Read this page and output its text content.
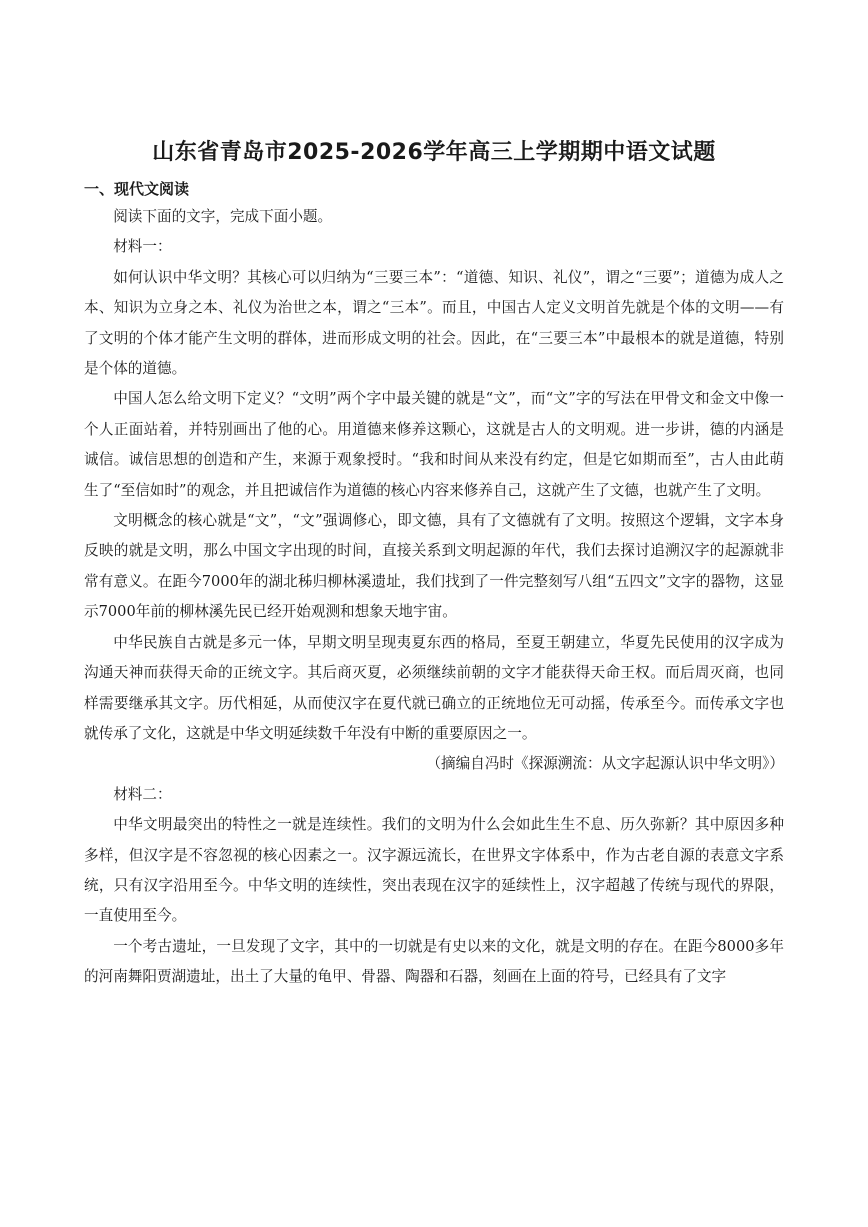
山东省青岛市2025-2026学年高三上学期期中语文试题
一、现代文阅读

阅读下面的文字，完成下面小题。

材料一：

如何认识中华文明？其核心可以归纳为“三要三本”：“道德、知识、礼仪”，谓之“三要”；道德为成人之本、知识为立身之本、礼仪为治世之本，谓之“三本”。而且，中国古人定义文明首先就是个体的文明——有了文明的个体才能产生文明的群体，进而形成文明的社会。因此，在“三要三本”中最根本的就是道德，特别是个体的道德。

中国人怎么给文明下定义？“文明”两个字中最关键的就是“文”，而“文”字的写法在甲骨文和金文中像一个人正面站着，并特别画出了他的心。用道德来修养这颗心，这就是古人的文明观。进一步讲，德的内涵是诚信。诚信思想的创造和产生，来源于观象授时。“我和时间从来没有约定，但是它如期而至”，古人由此萌生了“至信如时”的观念，并且把诚信作为道德的核心内容来修养自己，这就产生了文德，也就产生了文明。

文明概念的核心就是“文”，“文”强调修心，即文德，具有了文德就有了文明。按照这个逻辑，文字本身反映的就是文明，那么中国文字出现的时间，直接关系到文明起源的年代，我们去探讨追溯汉字的起源就非常有意义。在距今7000年的湖北秭归柳林溪遗址，我们找到了一件完整刻写八组“五四文”文字的器物，这显示7000年前的柳林溪先民已经开始观测和想象天地宇宙。

中华民族自古就是多元一体，早期文明呈现夷夏东西的格局，至夏王朝建立，华夏先民使用的汉字成为沟通天神而获得天命的正统文字。其后商灭夏，必须继续前朝的文字才能获得天命王权。而后周灭商，也同样需要继承其文字。历代相延，从而使汉字在夏代就已确立的正统地位无可动摇，传承至今。而传承文字也就传承了文化，这就是中华文明延续数千年没有中断的重要原因之一。

（摘编自冯时《探源溯流：从文字起源认识中华文明》）

材料二：

中华文明最突出的特性之一就是连续性。我们的文明为什么会如此生生不息、历久弥新？其中原因多种多样，但汉字是不容忽视的核心因素之一。汉字源远流长，在世界文字体系中，作为古老自源的表意文字系统，只有汉字沿用至今。中华文明的连续性，突出表现在汉字的延续性上，汉字超越了传统与现代的界限，一直使用至今。

一个考古遗址，一旦发现了文字，其中的一切就是有史以来的文化，就是文明的存在。在距今8000多年的河南舞阳贾湖遗址，出土了大量的龟甲、骨器、陶器和石器，刻画在上面的符号，已经具有了文字
